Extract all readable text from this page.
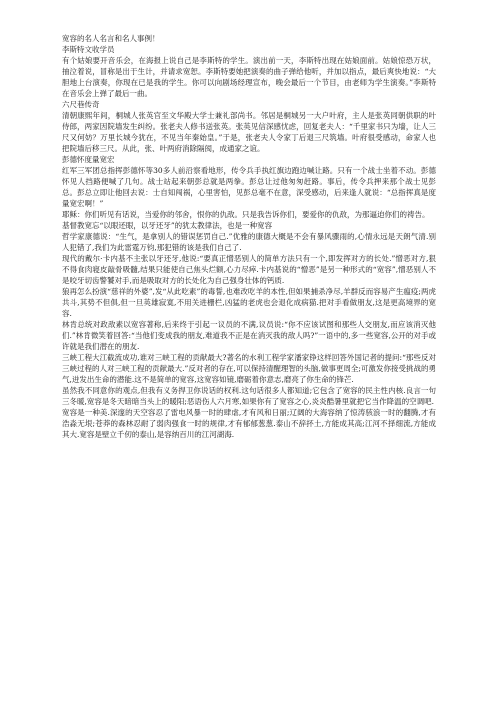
宽容的名人名言和名人事例！

李斯特文收学员

有个姑娘要开音乐会，在海报上说自己是李斯特的学生。演出前一天，李斯特出现在姑娘面前。姑娘惊恐万状，抽泣着说，冒称是出于生计，并请求宽恕。李斯特要她把演奏的曲子弹给他听，并加以指点，最后爽快地说：“大胆地上台演奏，你现在已是我的学生。你可以向剧场经理宣布，晚会最后一个节目，由老师为学生演奏。”李斯特在音乐会上弹了最后一曲。

六尺巷传奇

清朝康熙年间，桐城人张英官至文华殿大学士兼礼部尚书。邻居是桐城另一大户叶府，主人是张英同朝供职的叶侍郎，两家因院墙发生纠纷。张老夫人修书送张英。张英见信深感忧虑，回复老夫人：“千里家书只为墙，让人三尺又何妨？万里长城今犹在，不见当年秦始皇。”于是，张老夫人令家丁后退三尺筑墙。叶府很受感动，命家人也把院墙后移三尺。从此，张、叶两府消除隔阂，成通家之谊。

彭德怀度量宽宏

红军三军团总指挥彭德怀等30多人前沿察看地形，传令兵手执红旗边跑边喊让路。只有一个战士坐着不动。彭德怀见人挡路便喊了几句。战士站起来朝彭总就是两拳。彭总让过他匆匆赶路。事后，传令兵押来那个战士见彭总。彭总立即让他回去说：士自知闯祸，心里害怕，见彭总毫不在意，深受感动，后来逢人就说：“总指挥真是度量宽宏啊！”

耶稣：你们听见有话说，当爱你的邻舍，恨你的仇敌。只是我告诉你们，要爱你的仇敌，为那逼迫你们的祷告。

基督教宽忘“以眼还眼，以牙还牙”的犹太教律法，也是一种宽容

哲学家康德说：“生气，是拿别人的错误惩罚自己.”优雅的康德大概是不会有暴风骤雨的,心情永远是天朗气清.别人犯错了,我们为此雷霆万钧,那犯错的该是我们自己了.

现代的戴尔·卡内基不主张以牙还牙,他说:“要真正憎恶别人的简单方法只有一个,即发挥对方的长处.”憎恶对方,狠不得食肉寝皮敲骨吸髓,结果只能使自己焦头烂额,心力尽瘁.卡内基说的“憎恶”是另一种形式的“宽容”,憎恶别人不是咬牙切齿警饕对手,而是吸取对方的长处化为自己强身壮体的钙质.

狼再怎么扮演“慈祥的外婆”,发“从此吃素”的毒誓,也难改吃羊的本性,但如果捕杀净尽,羊群反而容易产生瘟疫;两虎共斗,其势不但俱,但一旦英雄寂寞,不用关进栅栏,凶猛的老虎也会退化成病猫.把对手看做朋友,这是更高境界的宽容.

林肯总统对政敌素以宽容著称,后来终于引起一议员的不满,议员说:“你不应该试图和那些人交朋友,而应该消灭他们.”林肯微笑着回答:“当他们变成我的朋友,难道我不正是在消灭我的敌人吗?”一语中的,多一些宽容,公开的对手或许就是我们潜在的朋友.

三峡工程大江截流成功,谁对三峡工程的贡献最大?著名的水利工程学家潘家铮这样回答外国记者的提问:“那些反对三峡过程的人对三峡工程的贡献最大.”反对者的存在,可以保持清醒理智的头脑,做事更周全;可激发你接受挑战的勇气,迸发出生命的潜能.这不是简单的宽容,这宽容如镜,磨砺着你意志,磨亮了你生命的锋芒.

虽然我不同意你的观点,但我有义务捍卫你说话的权利.这句话很多人都知道;它包含了宽容的民主性内核.良言一句三冬暖,宽容是冬天暗暗当头上的暖阳;恶语伤人六月寒,如果你有了宽容之心,炎炎酷暑里就把它当作降温的空调吧.

宽容是一种美.深邃的天空容忍了雷电风暴一时的肆虐,才有风和日丽;辽阔的大海容纳了惊涛骇浪一时的翻腾,才有浩淼无垠;苍莽的森林忍耐了弱肉强食一时的规律,才有郁郁葱葱.泰山不辞抔土,方能成其高;江河不择细流,方能成其大.宽容是壁立千仞的泰山,是容纳百川的江河湖海.
